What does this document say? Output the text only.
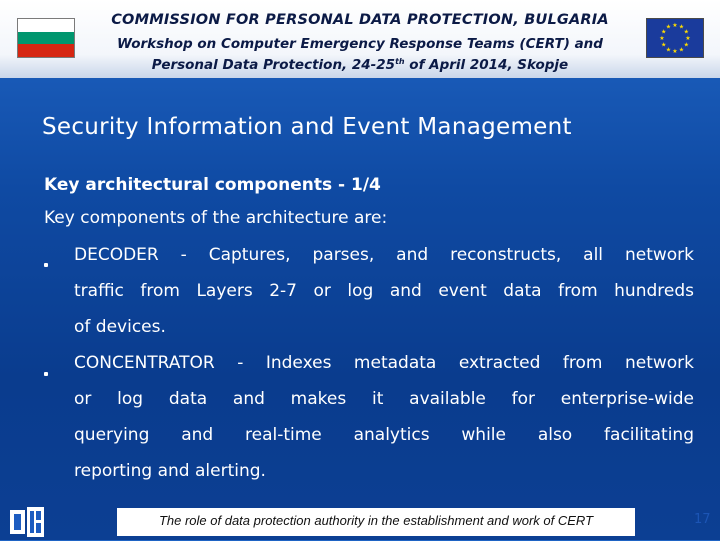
COMMISSION FOR PERSONAL DATA PROTECTION, BULGARIA
Workshop on Computer Emergency Response Teams (CERT) and
Personal Data Protection, 24-25th of April 2014, Skopje
★ ★
★
★
★
★
★
★
★
★
★
★
Security Information and Event Management
Key architectural components - 1/4
Key components of the architecture are:
DECODER - Captures, parses, and reconstructs, all network
traffic from Layers 2-7 or log and event data from hundreds
of devices.
CONCENTRATOR - Indexes metadata extracted from network
or log data and makes it available for enterprise-wide
querying and real-time analytics while also facilitating
reporting and alerting.
The role of data protection authority in the establishment and work of CERT	17
